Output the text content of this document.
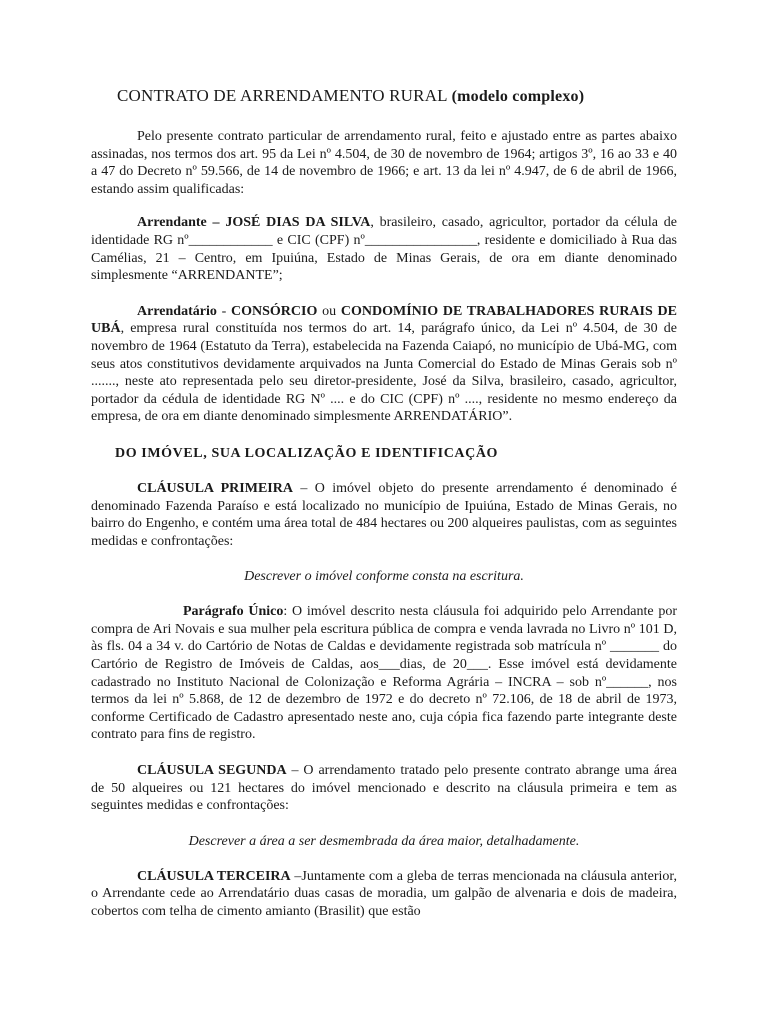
CONTRATO DE ARRENDAMENTO RURAL (modelo complexo)

Pelo presente contrato particular de arrendamento rural, feito e ajustado entre as partes abaixo assinadas, nos termos dos art. 95 da Lei nº 4.504, de 30 de novembro de 1964; artigos 3º, 16 ao 33 e 40 a 47 do Decreto nº 59.566, de 14 de novembro de 1966; e art. 13 da lei nº 4.947, de 6 de abril de 1966, estando assim qualificadas:

Arrendante – JOSÉ DIAS DA SILVA, brasileiro, casado, agricultor, portador da célula de identidade RG nº____________ e CIC (CPF) nº________________, residente e domiciliado à Rua das Camélias, 21 – Centro, em Ipuiúna, Estado de Minas Gerais, de ora em diante denominado simplesmente “ARRENDANTE”;

Arrendatário - CONSÓRCIO ou CONDOMÍNIO DE TRABALHADORES RURAIS DE UBÁ, empresa rural constituída nos termos do art. 14, parágrafo único, da Lei nº 4.504, de 30 de novembro de 1964 (Estatuto da Terra), estabelecida na Fazenda Caiapó, no município de Ubá-MG, com seus atos constitutivos devidamente arquivados na Junta Comercial do Estado de Minas Gerais sob nº ......., neste ato representada pelo seu diretor-presidente, José da Silva, brasileiro, casado, agricultor, portador da cédula de identidade RG Nº .... e do CIC (CPF) nº ...., residente no mesmo endereço da empresa, de ora em diante denominado simplesmente ARRENDATÁRIO”.

DO IMÓVEL, SUA LOCALIZAÇÃO E IDENTIFICAÇÃO

CLÁUSULA PRIMEIRA – O imóvel objeto do presente arrendamento é denominado é denominado Fazenda Paraíso e está localizado no município de Ipuiúna, Estado de Minas Gerais, no bairro do Engenho, e contém uma área total de 484 hectares ou 200 alqueires paulistas, com as seguintes medidas e confrontações:

Descrever o imóvel conforme consta na escritura.

Parágrafo Único: O imóvel descrito nesta cláusula foi adquirido pelo Arrendante por compra de Ari Novais e sua mulher pela escritura pública de compra e venda lavrada no Livro nº 101 D, às fls. 04 a 34 v. do Cartório de Notas de Caldas e devidamente registrada sob matrícula nº _______ do Cartório de Registro de Imóveis de Caldas, aos___dias, de 20___. Esse imóvel está devidamente cadastrado no Instituto Nacional de Colonização e Reforma Agrária – INCRA – sob nº______, nos termos da lei nº 5.868, de 12 de dezembro de 1972 e do decreto nº 72.106, de 18 de abril de 1973, conforme Certificado de Cadastro apresentado neste ano, cuja cópia fica fazendo parte integrante deste contrato para fins de registro.

CLÁUSULA SEGUNDA – O arrendamento tratado pelo presente contrato abrange uma área de 50 alqueires ou 121 hectares do imóvel mencionado e descrito na cláusula primeira e tem as seguintes medidas e confrontações:

Descrever a área a ser desmembrada da área maior, detalhadamente.

CLÁUSULA TERCEIRA –Juntamente com a gleba de terras mencionada na cláusula anterior, o Arrendante cede ao Arrendatário duas casas de moradia, um galpão de alvenaria e dois de madeira, cobertos com telha de cimento amianto (Brasilit) que estão
